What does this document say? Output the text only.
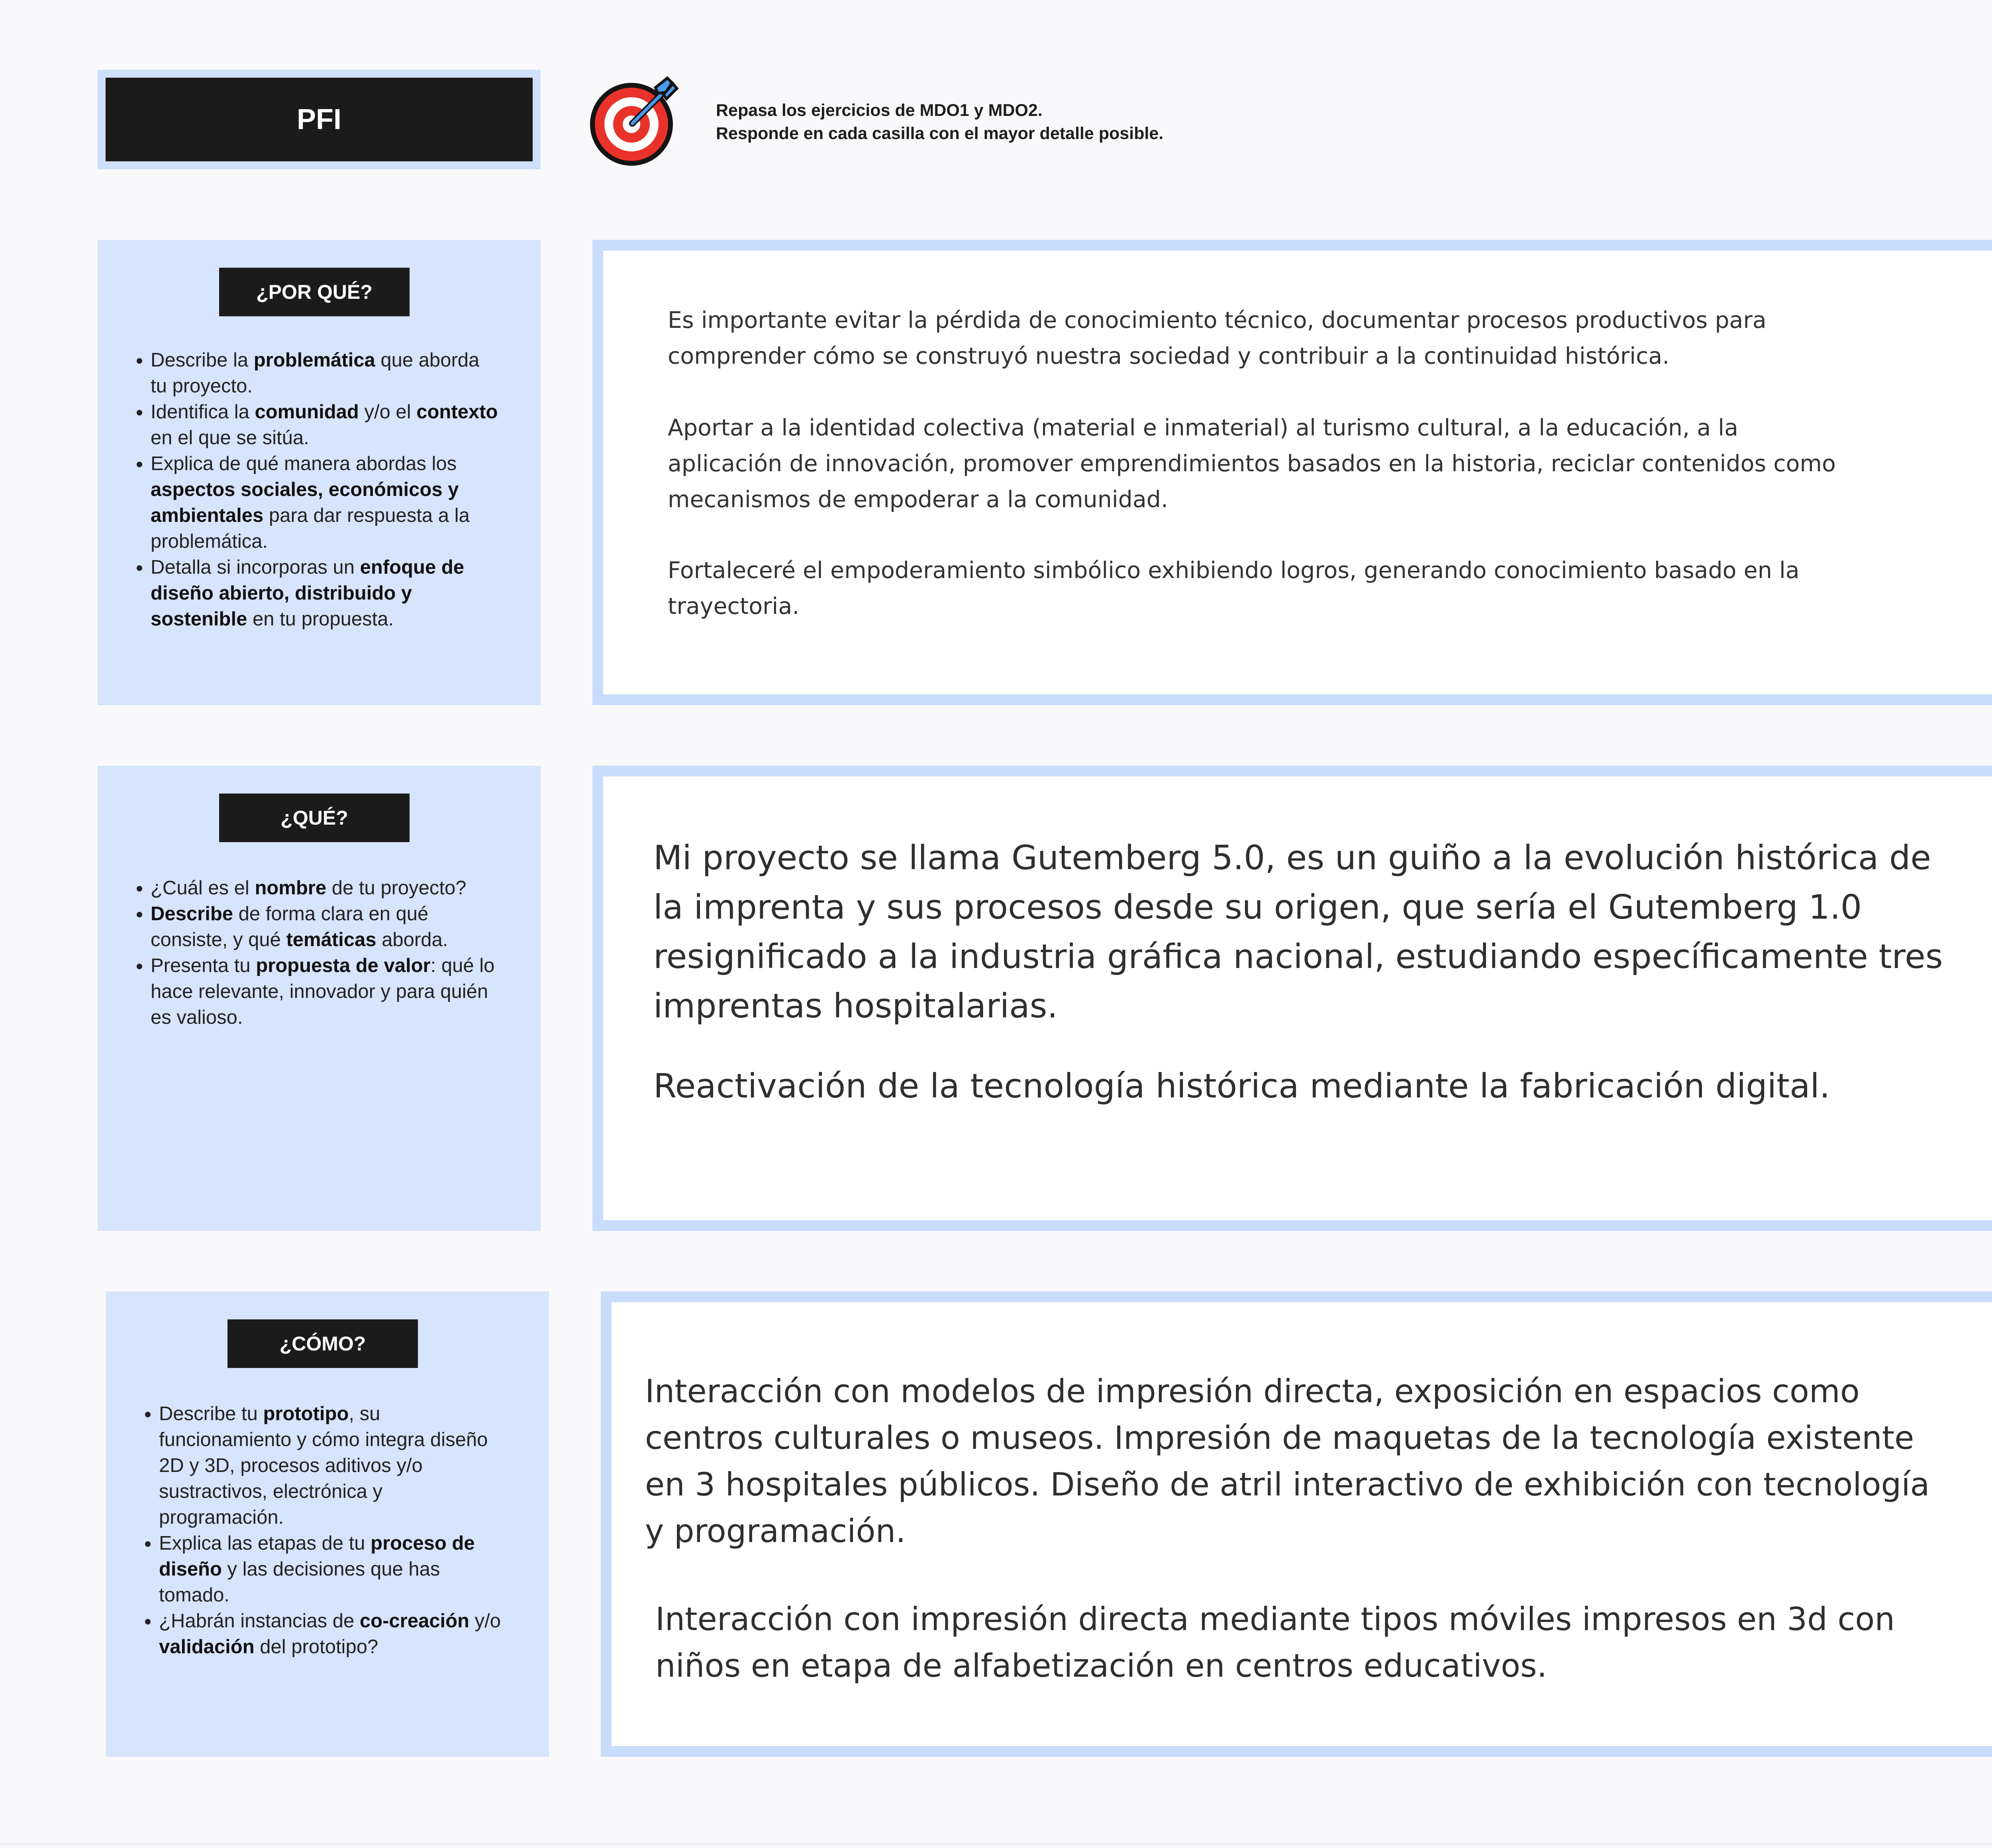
PFI	Repasa los ejercicios de MDO1 y MDO2.
Responde en cada casilla con el mayor detalle posible.
¿POR QUÉ?
• Describe la problemática que aborda tu proyecto.
• Identifica la comunidad y/o el contexto en el que se sitúa.
• Explica de qué manera abordas los aspectos sociales, económicos y ambientales para dar respuesta a la problemática.
• Detalla si incorporas un enfoque de diseño abierto, distribuido y sostenible en tu propuesta.

Es importante evitar la pérdida de conocimiento técnico, documentar procesos productivos para comprender cómo se construyó nuestra sociedad y contribuir a la continuidad histórica.

Aportar a la identidad colectiva (material e inmaterial) al turismo cultural, a la educación, a la aplicación de innovación, promover emprendimientos basados en la historia, reciclar contenidos como mecanismos de empoderar a la comunidad.

Fortaleceré el empoderamiento simbólico exhibiendo logros, generando conocimiento basado en la trayectoria.

¿QUÉ?
• ¿Cuál es el nombre de tu proyecto?
• Describe de forma clara en qué consiste, y qué temáticas aborda.
• Presenta tu propuesta de valor: qué lo hace relevante, innovador y para quién es valioso.

Mi proyecto se llama Gutemberg 5.0, es un guiño a la evolución histórica de la imprenta y sus procesos desde su origen, que sería el Gutemberg 1.0 resignificado a la industria gráfica nacional, estudiando específicamente tres imprentas hospitalarias.

Reactivación de la tecnología histórica mediante la fabricación digital.

¿CÓMO?
• Describe tu prototipo, su funcionamiento y cómo integra diseño 2D y 3D, procesos aditivos y/o sustractivos, electrónica y programación.
• Explica las etapas de tu proceso de diseño y las decisiones que has tomado.
• ¿Habrán instancias de co-creación y/o validación del prototipo?

Interacción con modelos de impresión directa, exposición en espacios como centros culturales o museos. Impresión de maquetas de la tecnología existente en 3 hospitales públicos. Diseño de atril interactivo de exhibición con tecnología y programación.

Interacción con impresión directa mediante tipos móviles impresos en 3d con niños en etapa de alfabetización en centros educativos.
